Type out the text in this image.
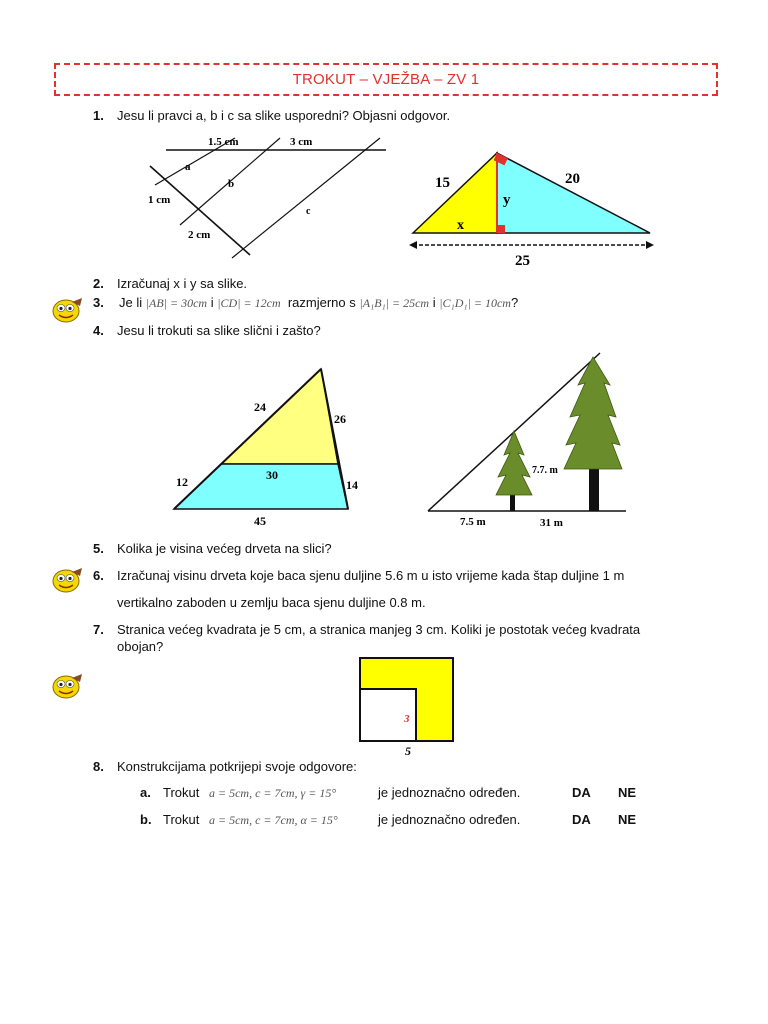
TROKUT – VJEŽBA – ZV 1
1. Jesu li pravci a, b i c sa slike usporedni? Objasni odgovor.
1.5 cm	3 cm
1 cm
2 cm
a
b
c
15	20
y
x
25
2. Izračunaj x i y sa slike.
3. Je li |AB| = 30cm i |CD| = 12cm razmjerno s |A₁B₁| = 25cm i |C₁D₁| = 10cm?
4. Jesu li trokuti sa slike slični i zašto?
24
26
30
12	14
45
7.7. m
7.5 m	31 m
5. Kolika je visina većeg drveta na slici?
6. Izračunaj visinu drveta koje baca sjenu duljine 5.6 m u isto vrijeme kada štap duljine 1 m
vertikalno zaboden u zemlju baca sjenu duljine 0.8 m.
7. Stranica većeg kvadrata je 5 cm, a stranica manjeg 3 cm. Koliki je postotak većeg kvadrata
obojan?
3
5
8. Konstrukcijama potkrijepi svoje odgovore:
a. Trokut a = 5cm, c = 7cm, γ = 15°	je jednoznačno određen.	DA NE
b. Trokut a = 5cm, c = 7cm, α = 15°	je jednoznačno određen.	DA NE
